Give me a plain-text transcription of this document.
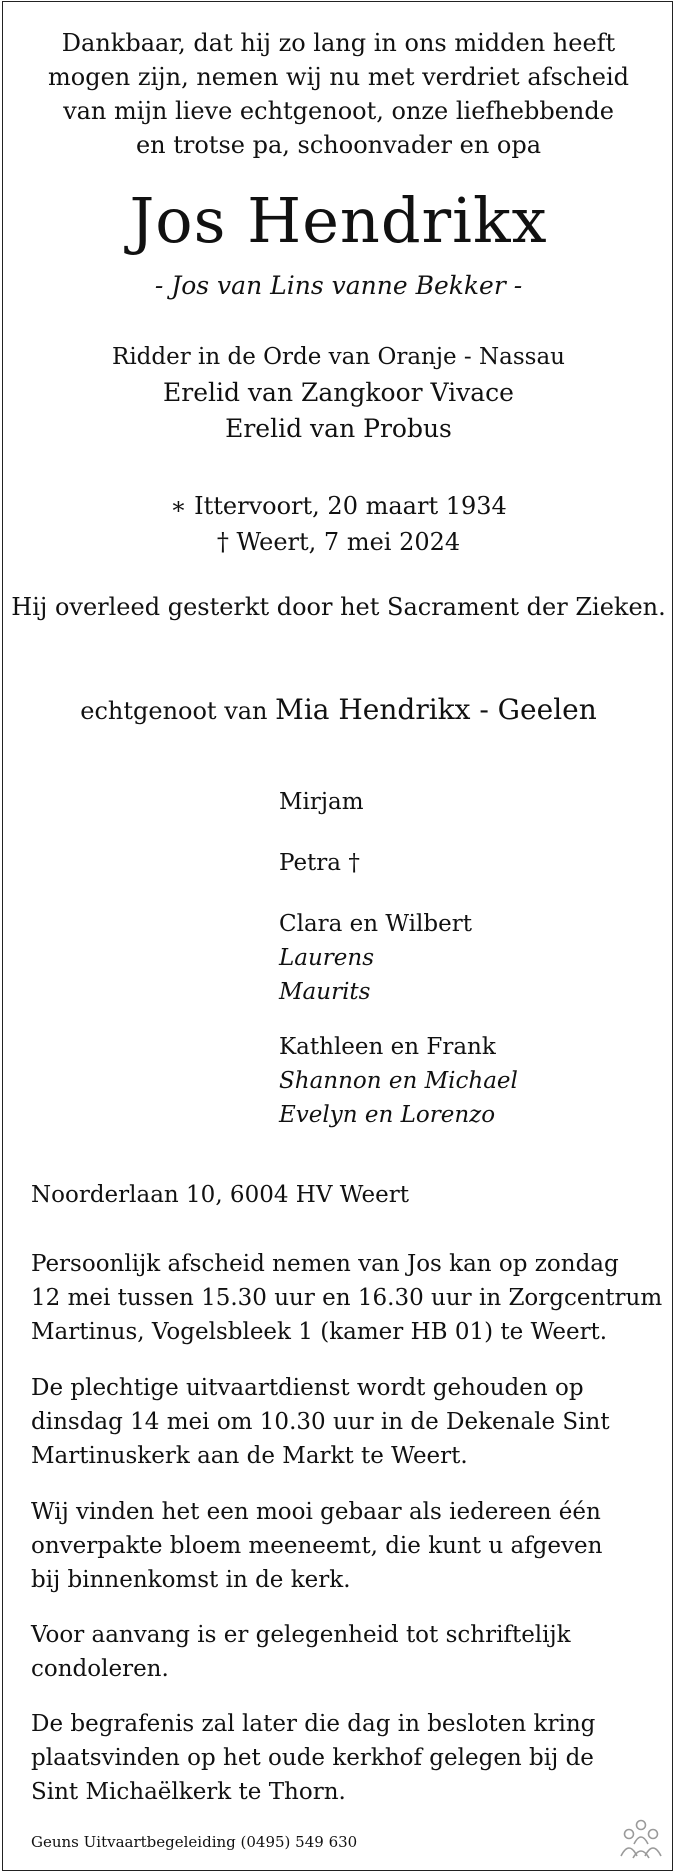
Dankbaar, dat hij zo lang in ons midden heeft
mogen zijn, nemen wij nu met verdriet afscheid
van mijn lieve echtgenoot, onze liefhebbende
en trotse pa, schoonvader en opa
Jos Hendrikx
- Jos van Lins vanne Bekker -
Ridder in de Orde van Oranje - Nassau
Erelid van Zangkoor Vivace
Erelid van Probus
∗ Ittervoort, 20 maart 1934
† Weert, 7 mei 2024
Hij overleed gesterkt door het Sacrament der Zieken.
echtgenoot van Mia Hendrikx - Geelen
Mirjam
Petra †
Clara en Wilbert
Laurens
Maurits
Kathleen en Frank
Shannon en Michael
Evelyn en Lorenzo
Noorderlaan 10, 6004 HV Weert
Persoonlijk afscheid nemen van Jos kan op zondag
12 mei tussen 15.30 uur en 16.30 uur in Zorgcentrum
Martinus, Vogelsbleek 1 (kamer HB 01) te Weert.
De plechtige uitvaartdienst wordt gehouden op
dinsdag 14 mei om 10.30 uur in de Dekenale Sint
Martinuskerk aan de Markt te Weert.
Wij vinden het een mooi gebaar als iedereen één
onverpakte bloem meeneemt, die kunt u afgeven
bij binnenkomst in de kerk.
Voor aanvang is er gelegenheid tot schriftelijk
condoleren.
De begrafenis zal later die dag in besloten kring
plaatsvinden op het oude kerkhof gelegen bij de
Sint Michaëlkerk te Thorn.
Geuns Uitvaartbegeleiding (0495) 549 630
